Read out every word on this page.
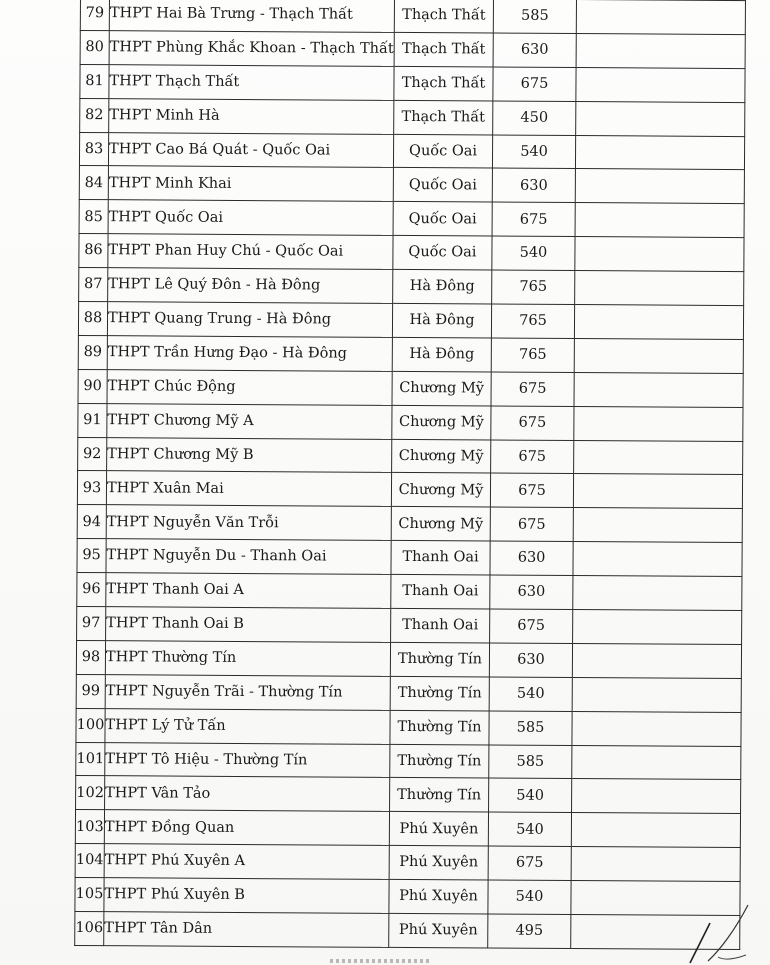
79	THPT Hai Bà Trưng - Thạch Thất	Thạch Thất	585	
80	THPT Phùng Khắc Khoan - Thạch Thất	Thạch Thất	630	
81	THPT Thạch Thất	Thạch Thất	675	
82	THPT Minh Hà	Thạch Thất	450	
83	THPT Cao Bá Quát - Quốc Oai	Quốc Oai	540	
84	THPT Minh Khai	Quốc Oai	630	
85	THPT Quốc Oai	Quốc Oai	675	
86	THPT Phan Huy Chú - Quốc Oai	Quốc Oai	540	
87	THPT Lê Quý Đôn - Hà Đông	Hà Đông	765	
88	THPT Quang Trung - Hà Đông	Hà Đông	765	
89	THPT Trần Hưng Đạo - Hà Đông	Hà Đông	765	
90	THPT Chúc Động	Chương Mỹ	675	
91	THPT Chương Mỹ A	Chương Mỹ	675	
92	THPT Chương Mỹ B	Chương Mỹ	675	
93	THPT Xuân Mai	Chương Mỹ	675	
94	THPT Nguyễn Văn Trỗi	Chương Mỹ	675	
95	THPT Nguyễn Du - Thanh Oai	Thanh Oai	630	
96	THPT Thanh Oai A	Thanh Oai	630	
97	THPT Thanh Oai B	Thanh Oai	675	
98	THPT Thường Tín	Thường Tín	630	
99	THPT Nguyễn Trãi - Thường Tín	Thường Tín	540	
100	THPT Lý Tử Tấn	Thường Tín	585	
101	THPT Tô Hiệu - Thường Tín	Thường Tín	585	
102	THPT Vân Tảo	Thường Tín	540	
103	THPT Đồng Quan	Phú Xuyên	540	
104	THPT Phú Xuyên A	Phú Xuyên	675	
105	THPT Phú Xuyên B	Phú Xuyên	540	
106	THPT Tân Dân	Phú Xuyên	495	
